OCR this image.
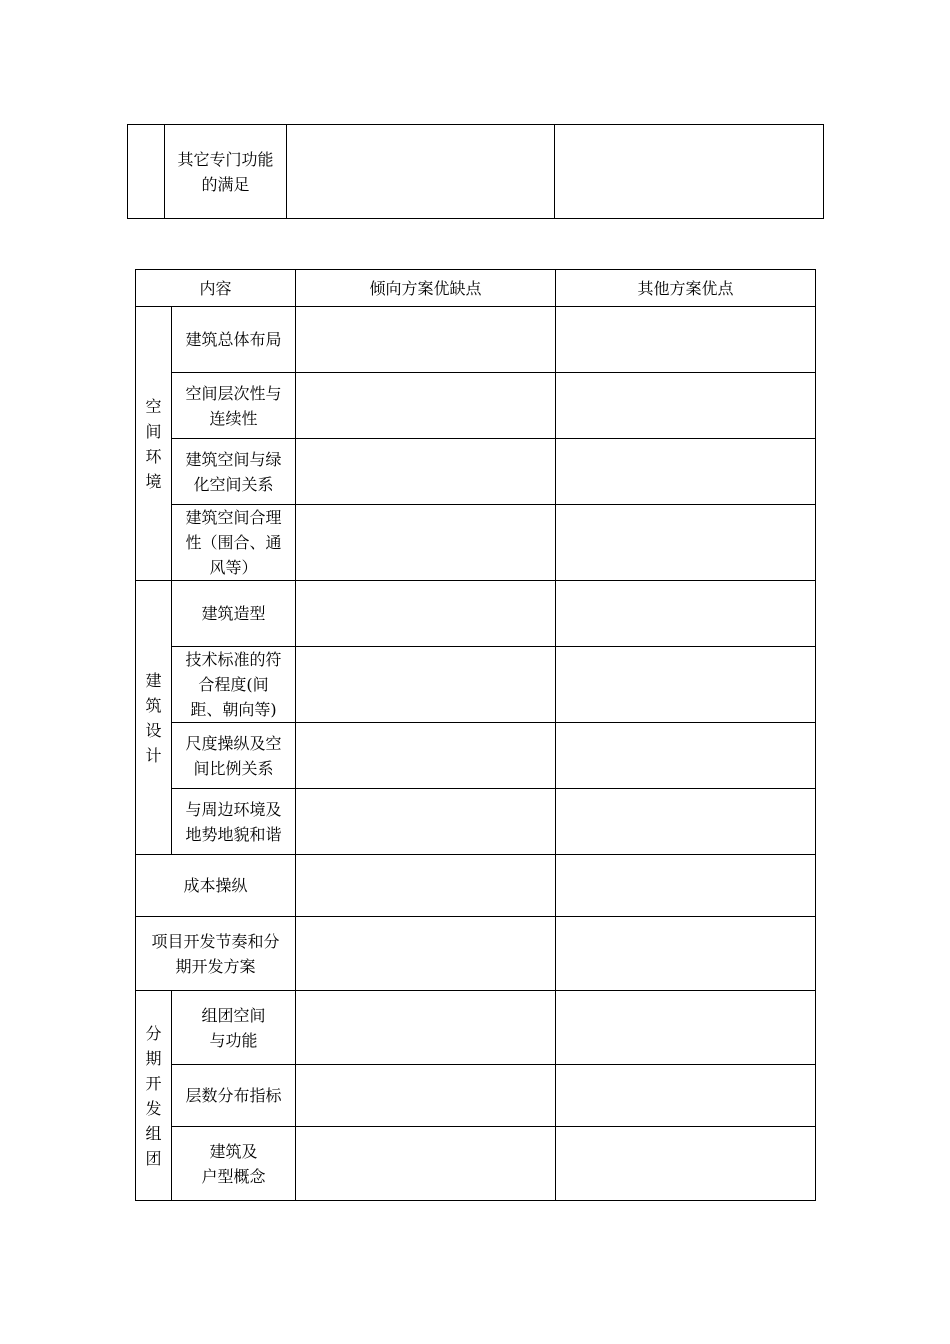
其它专门功能
的满足

内容		倾向方案优缺点	其他方案优点

空间环境	建筑总体布局		

	空间层次性与
连续性		

	建筑空间与绿
化空间关系		

	建筑空间合理
性（围合、通
风等）		

建筑设计	建筑造型		

	技术标准的符
合程度(间
距、朝向等)		

	尺度操纵及空
间比例关系		

	与周边环境及
地势地貌和谐		

成本操纵			

项目开发节奏和分
期开发方案			

分期开发组团	组团空间
与功能		

	层数分布指标		

	建筑及
户型概念		
